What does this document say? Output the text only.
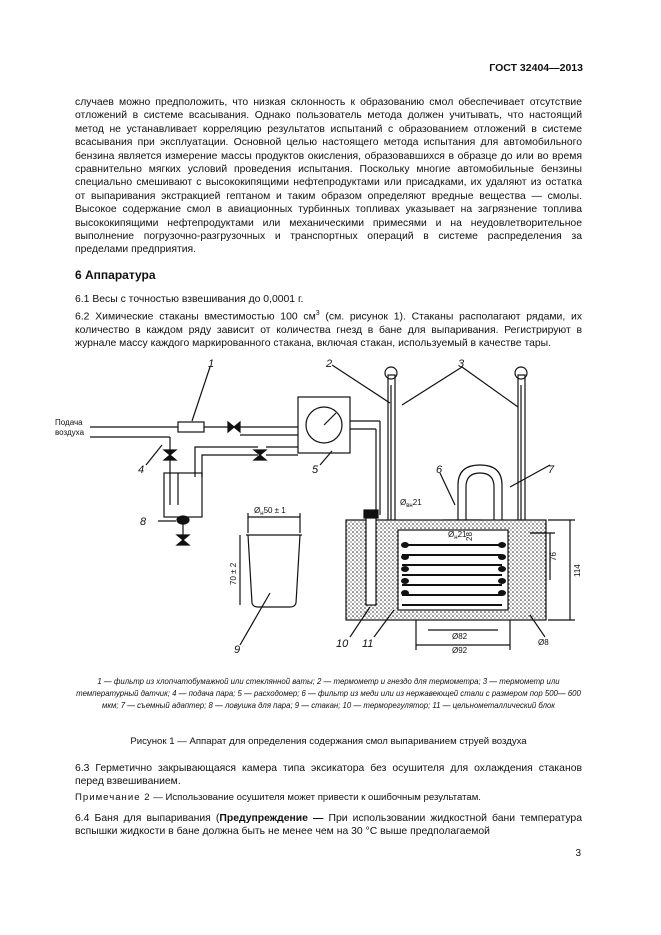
ГОСТ 32404—2013

случаев можно предположить, что низкая склонность к образованию смол обеспечивает отсутствие отложений в системе всасывания. Однако пользователь метода должен учитывать, что настоящий метод не устанавливает корреляцию результатов испытаний с образованием отложений в системе всасывания при эксплуатации. Основной целью настоящего метода испытания для автомобильного бензина является измерение массы продуктов окисления, образовавшихся в образце до или во время сравнительно мягких условий проведения испытания. Поскольку многие автомобильные бензины специально смешивают с высококипящими нефтепродуктами или присадками, их удаляют из остатка от выпаривания экстракцией гептаном и таким образом определяют вредные вещества — смолы. Высокое содержание смол в авиационных турбинных топливах указывает на загрязнение топлива высококипящими нефтепродуктами или механическими примесями и на неудовлетворительное выполнение погрузочно-разгрузочных и транспортных операций в системе распределения за пределами предприятия.

6 Аппаратура

6.1 Весы с точностью взвешивания до 0,0001 г.

6.2 Химические стаканы вместимостью 100 $см^3$ (см. рисунок 1). Стаканы располагают рядами, их количество в каждом ряду зависит от количества гнезд в бане для выпаривания. Регистрируют в журнале массу каждого маркированного стакана, включая стакан, используемый в качестве тары.

Подача
воздуха
1	2	3
4	5	6	7
8
9	10 11
$Ø_н50 \pm 1$
70 ± 2
$Ø_{вн}21$
28
$Ø_н21$
76
114
Ø82
Ø92
Ø8

1 — фильтр из хлопчатобумажной или стеклянной ваты; 2 — термометр и гнездо для термометра; 3 — термометр или температурный датчик; 4 — подача пара; 5 — расходомер; 6 — фильтр из меди или из нержавеющей стали с размером пор 500— 600 мкм; 7 — съемный адаптер; 8 — ловушка для пара; 9 — стакан; 10 — терморегулятор; 11 — цельнометаллический блок

Рисунок 1 — Аппарат для определения содержания смол выпариванием струей воздуха

6.3 Герметично закрывающаяся камера типа эксикатора без осушителя для охлаждения стаканов перед взвешиванием.

Примечание 2 — Использование осушителя может привести к ошибочным результатам.

6.4 Баня для выпаривания (Предупреждение — При использовании жидкостной бани температура вспышки жидкости в бане должна быть не менее чем на 30 °C выше предполагаемой

3
